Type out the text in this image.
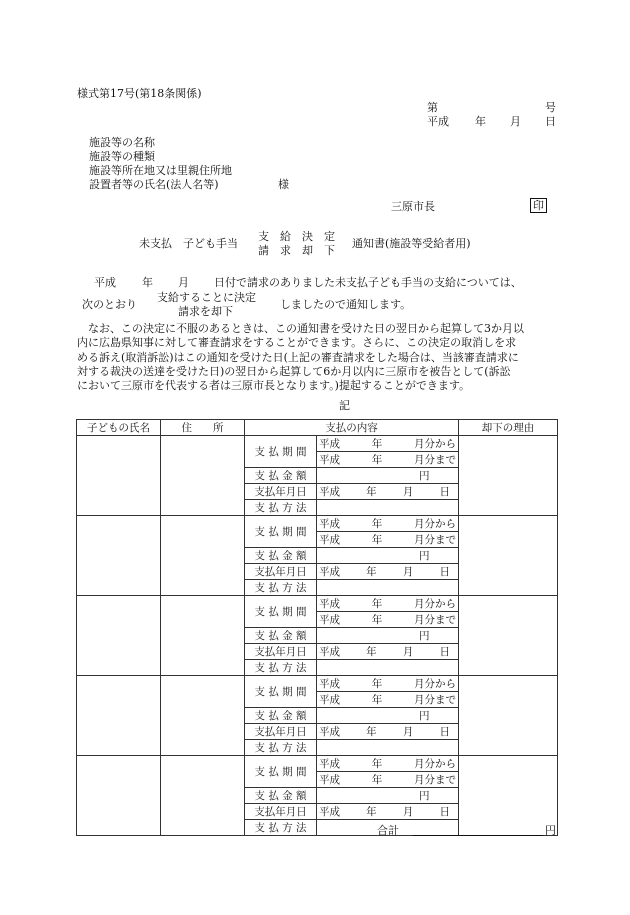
様式第17号(第18条関係)
第	号
平成 年 月 日
施設等の名称
施設等の種類
施設等所在地又は里親住所地
設置者等の氏名(法人名等)	様
三原市長	印
未支払　子ども手当
支　給　決　定
請　求　却　下
通知書(施設等受給者用)
平成 年 月 日付で請求のありました未支払子ども手当の支給については、
次のとおり
支給することに決定
請求を却下
しましたので通知します。
　なお、この決定に不服のあるときは、この通知書を受けた日の翌日から起算して3か月以
内に広島県知事に対して審査請求をすることができます。さらに、この決定の取消しを求
める訴え(取消訴訟)はこの通知を受けた日(上記の審査請求をした場合は、当該審査請求に
対する裁決の送達を受けた日)の翌日から起算して6か月以内に三原市を被告として(訴訟
において三原市を代表する者は三原市長となります。)提起することができます。
記
子どもの氏名	住　　所	支払の内容		却下の理由
		支 払 期 間	平成 年 月分から	

			平成 年 月分まで	

		支 払 金 額	円	

		支払年月日	平成 年 月 日	

		支 払 方 法		
		支 払 期 間	平成 年 月分から	

			平成 年 月分まで	

		支 払 金 額	円	

		支払年月日	平成 年 月 日	

		支 払 方 法		
		支 払 期 間	平成 年 月分から	

			平成 年 月分まで	

		支 払 金 額	円	

		支払年月日	平成 年 月 日	

		支 払 方 法		
		支 払 期 間	平成 年 月分から	

			平成 年 月分まで	

		支 払 金 額	円	

		支払年月日	平成 年 月 日	

		支 払 方 法		
		支 払 期 間	平成 年 月分から	

			平成 年 月分まで	

		支 払 金 額	円	

		支払年月日	平成 年 月 日	

		支 払 方 法			合計	円
